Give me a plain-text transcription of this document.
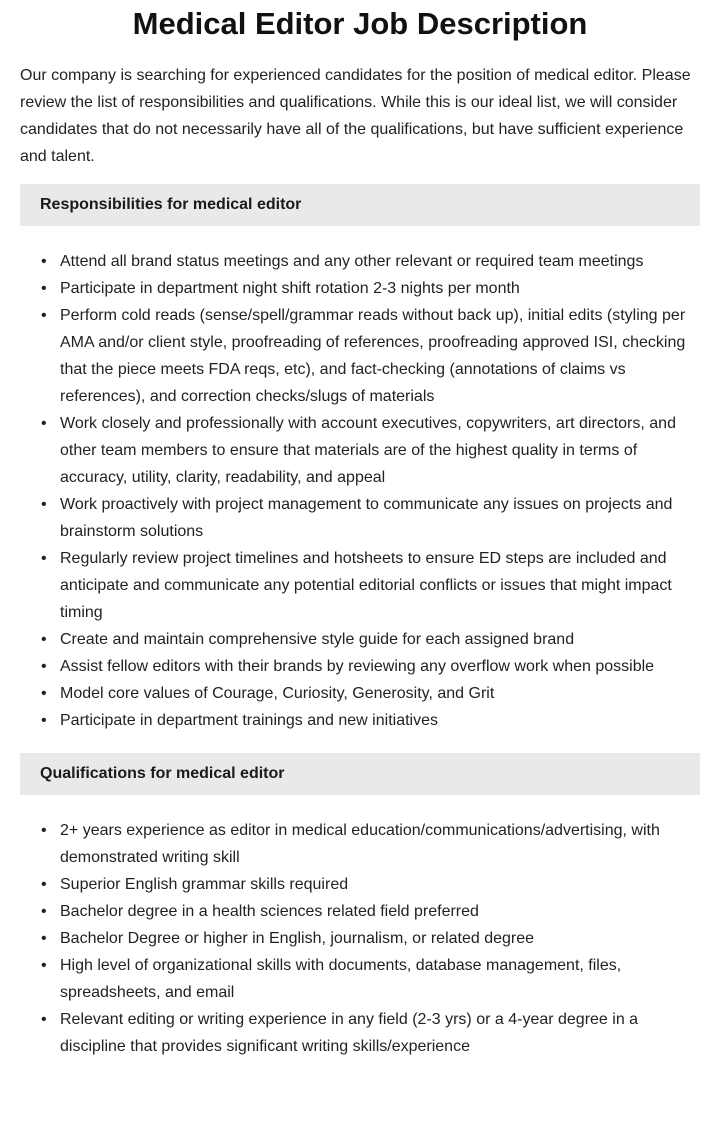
Medical Editor Job Description

Our company is searching for experienced candidates for the position of medical editor. Please review the list of responsibilities and qualifications. While this is our ideal list, we will consider candidates that do not necessarily have all of the qualifications, but have sufficient experience and talent.

Responsibilities for medical editor
• Attend all brand status meetings and any other relevant or required team meetings
• Participate in department night shift rotation 2-3 nights per month
• Perform cold reads (sense/spell/grammar reads without back up), initial edits (styling per AMA and/or client style, proofreading of references, proofreading approved ISI, checking that the piece meets FDA reqs, etc), and fact-checking (annotations of claims vs references), and correction checks/slugs of materials
• Work closely and professionally with account executives, copywriters, art directors, and other team members to ensure that materials are of the highest quality in terms of accuracy, utility, clarity, readability, and appeal
• Work proactively with project management to communicate any issues on projects and brainstorm solutions
• Regularly review project timelines and hotsheets to ensure ED steps are included and anticipate and communicate any potential editorial conflicts or issues that might impact timing
• Create and maintain comprehensive style guide for each assigned brand
• Assist fellow editors with their brands by reviewing any overflow work when possible
• Model core values of Courage, Curiosity, Generosity, and Grit
• Participate in department trainings and new initiatives
Qualifications for medical editor
• 2+ years experience as editor in medical education/communications/advertising, with demonstrated writing skill
• Superior English grammar skills required
• Bachelor degree in a health sciences related field preferred
• Bachelor Degree or higher in English, journalism, or related degree
• High level of organizational skills with documents, database management, files, spreadsheets, and email
• Relevant editing or writing experience in any field (2-3 yrs) or a 4-year degree in a discipline that provides significant writing skills/experience
